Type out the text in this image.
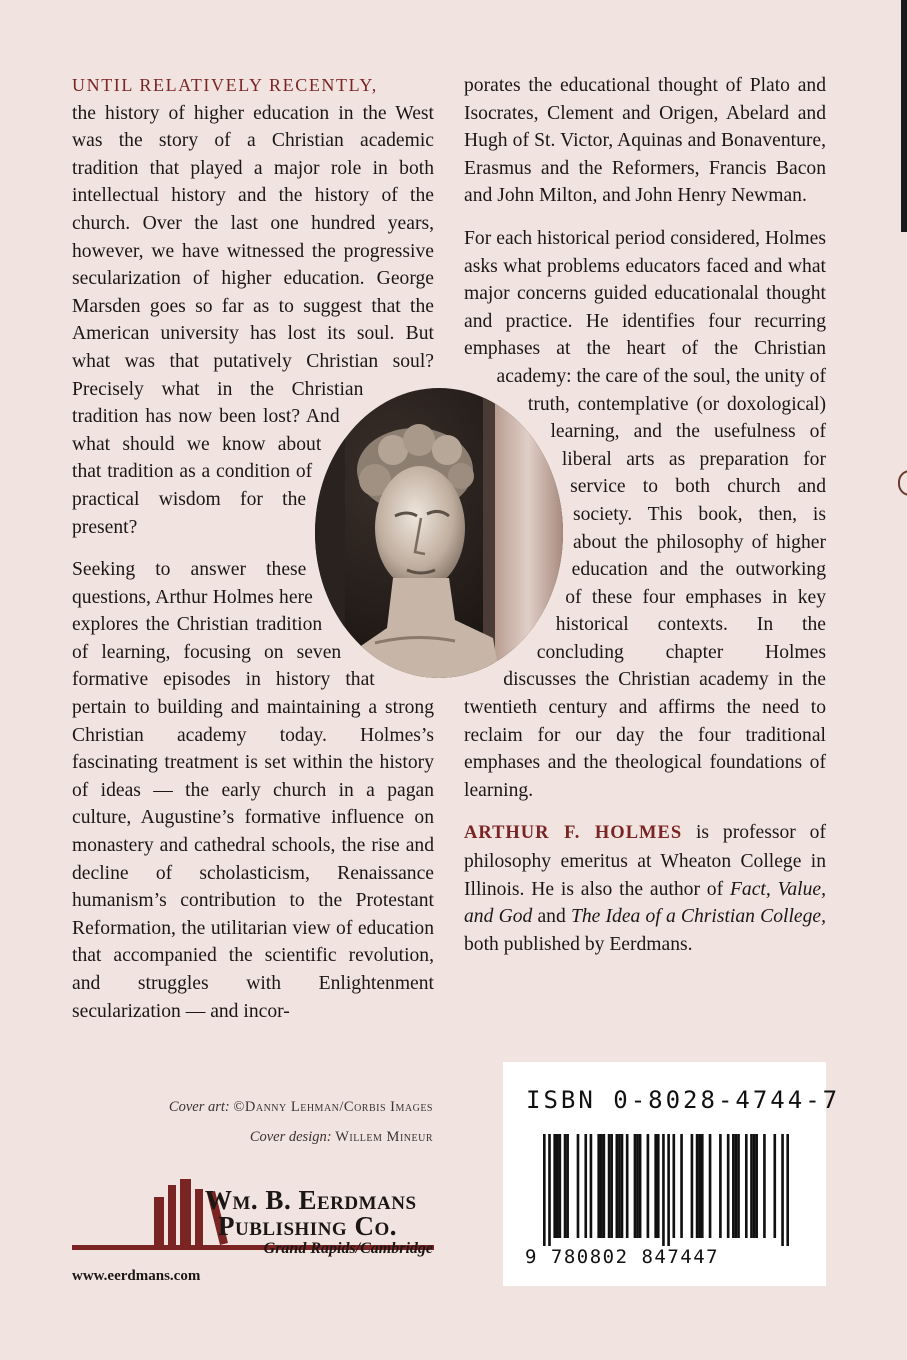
UNTIL RELATIVELY RECENTLY,
the history of higher education in the West was the story of a Christian academic tradition that played a major role in both intellectual history and the history of the church. Over the last one hundred years, however, we have witnessed the progressive secularization of higher education. George Marsden goes so far as to suggest that the American university has lost its soul. But what was that putatively Christian soul? Precisely what in the Christian tradition has now been lost? And what should we know about that tradition as a condition of practical wisdom for the present?

Seeking to answer these questions, Arthur Holmes here explores the Christian tradition of learning, focusing on seven formative episodes in history that pertain to building and maintaining a strong Christian academy today. Holmes’s fascinating treatment is set within the history of ideas — the early church in a pagan culture, Augustine’s formative influence on monastery and cathedral schools, the rise and decline of scholasticism, Renaissance humanism’s contribution to the Protestant Reformation, the utilitarian view of education that accompanied the scientific revolution, and struggles with Enlightenment secularization — and incor-

porates the educational thought of Plato and Isocrates, Clement and Origen, Abelard and Hugh of St. Victor, Aquinas and Bonaventure, Erasmus and the Reformers, Francis Bacon and John Milton, and John Henry Newman.

For each historical period considered, Holmes asks what problems educators faced and what major concerns guided educationalal thought and practice. He identifies four recurring emphases at the heart of the Christian academy: the care of the soul, the unity of truth, contemplative (or doxological) learning, and the usefulness of liberal arts as preparation for service to both church and society. This book, then, is about the philosophy of higher education and the outworking of these four emphases in key historical contexts. In the concluding chapter Holmes discusses the Christian academy in the twentieth century and affirms the need to reclaim for our day the four traditional emphases and the theological foundations of learning.

ARTHUR F. HOLMES is professor of philosophy emeritus at Wheaton College in Illinois. He is also the author of Fact, Value, and God and The Idea of a Christian College, both published by Eerdmans.

Cover art: ©Danny Lehman/Corbis Images
Cover design: Willem Mineur
Wm. B. Eerdmans
Publishing Co.
Grand Rapids/Cambridge
www.eerdmans.com
ISBN 0-8028-4744-7
9 780802 847447
